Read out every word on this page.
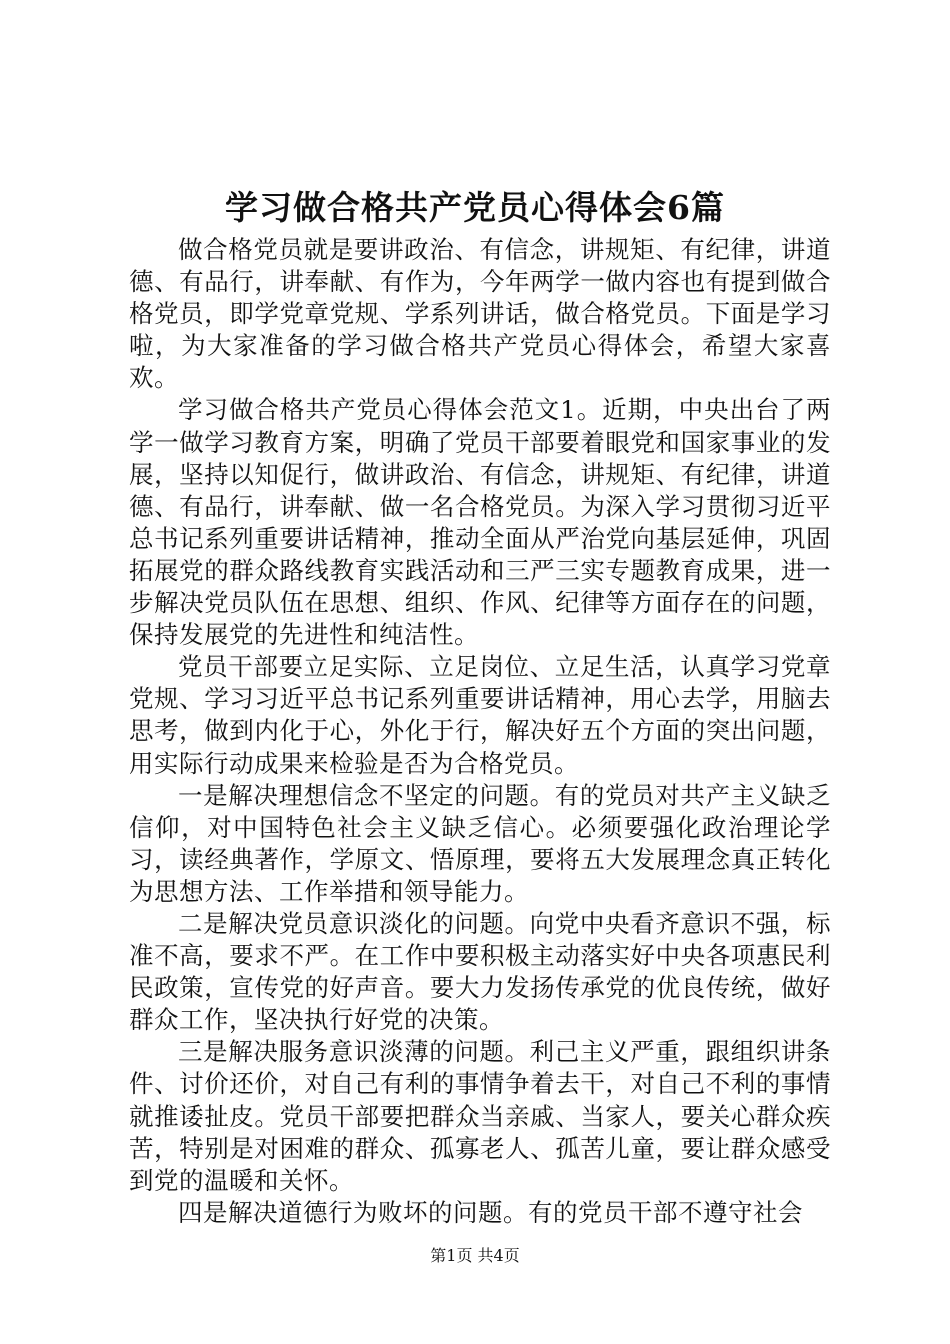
学习做合格共产党员心得体会6篇

做合格党员就是要讲政治、有信念，讲规矩、有纪律，讲道德、有品行，讲奉献、有作为，今年两学一做内容也有提到做合格党员，即学党章党规、学系列讲话，做合格党员。下面是学习啦，为大家准备的学习做合格共产党员心得体会，希望大家喜欢。

学习做合格共产党员心得体会范文1。近期，中央出台了两学一做学习教育方案，明确了党员干部要着眼党和国家事业的发展，坚持以知促行，做讲政治、有信念，讲规矩、有纪律，讲道德、有品行，讲奉献、做一名合格党员。为深入学习贯彻习近平总书记系列重要讲话精神，推动全面从严治党向基层延伸，巩固拓展党的群众路线教育实践活动和三严三实专题教育成果，进一步解决党员队伍在思想、组织、作风、纪律等方面存在的问题，保持发展党的先进性和纯洁性。

党员干部要立足实际、立足岗位、立足生活，认真学习党章党规、学习习近平总书记系列重要讲话精神，用心去学，用脑去思考，做到内化于心，外化于行，解决好五个方面的突出问题，用实际行动成果来检验是否为合格党员。

一是解决理想信念不坚定的问题。有的党员对共产主义缺乏信仰，对中国特色社会主义缺乏信心。必须要强化政治理论学习，读经典著作，学原文、悟原理，要将五大发展理念真正转化为思想方法、工作举措和领导能力。

二是解决党员意识淡化的问题。向党中央看齐意识不强，标准不高，要求不严。在工作中要积极主动落实好中央各项惠民利民政策，宣传党的好声音。要大力发扬传承党的优良传统，做好群众工作，坚决执行好党的决策。

三是解决服务意识淡薄的问题。利己主义严重，跟组织讲条件、讨价还价，对自己有利的事情争着去干，对自己不利的事情就推诿扯皮。党员干部要把群众当亲戚、当家人，要关心群众疾苦，特别是对困难的群众、孤寡老人、孤苦儿童，要让群众感受到党的温暖和关怀。

四是解决道德行为败坏的问题。有的党员干部不遵守社会

第1页 共4页
